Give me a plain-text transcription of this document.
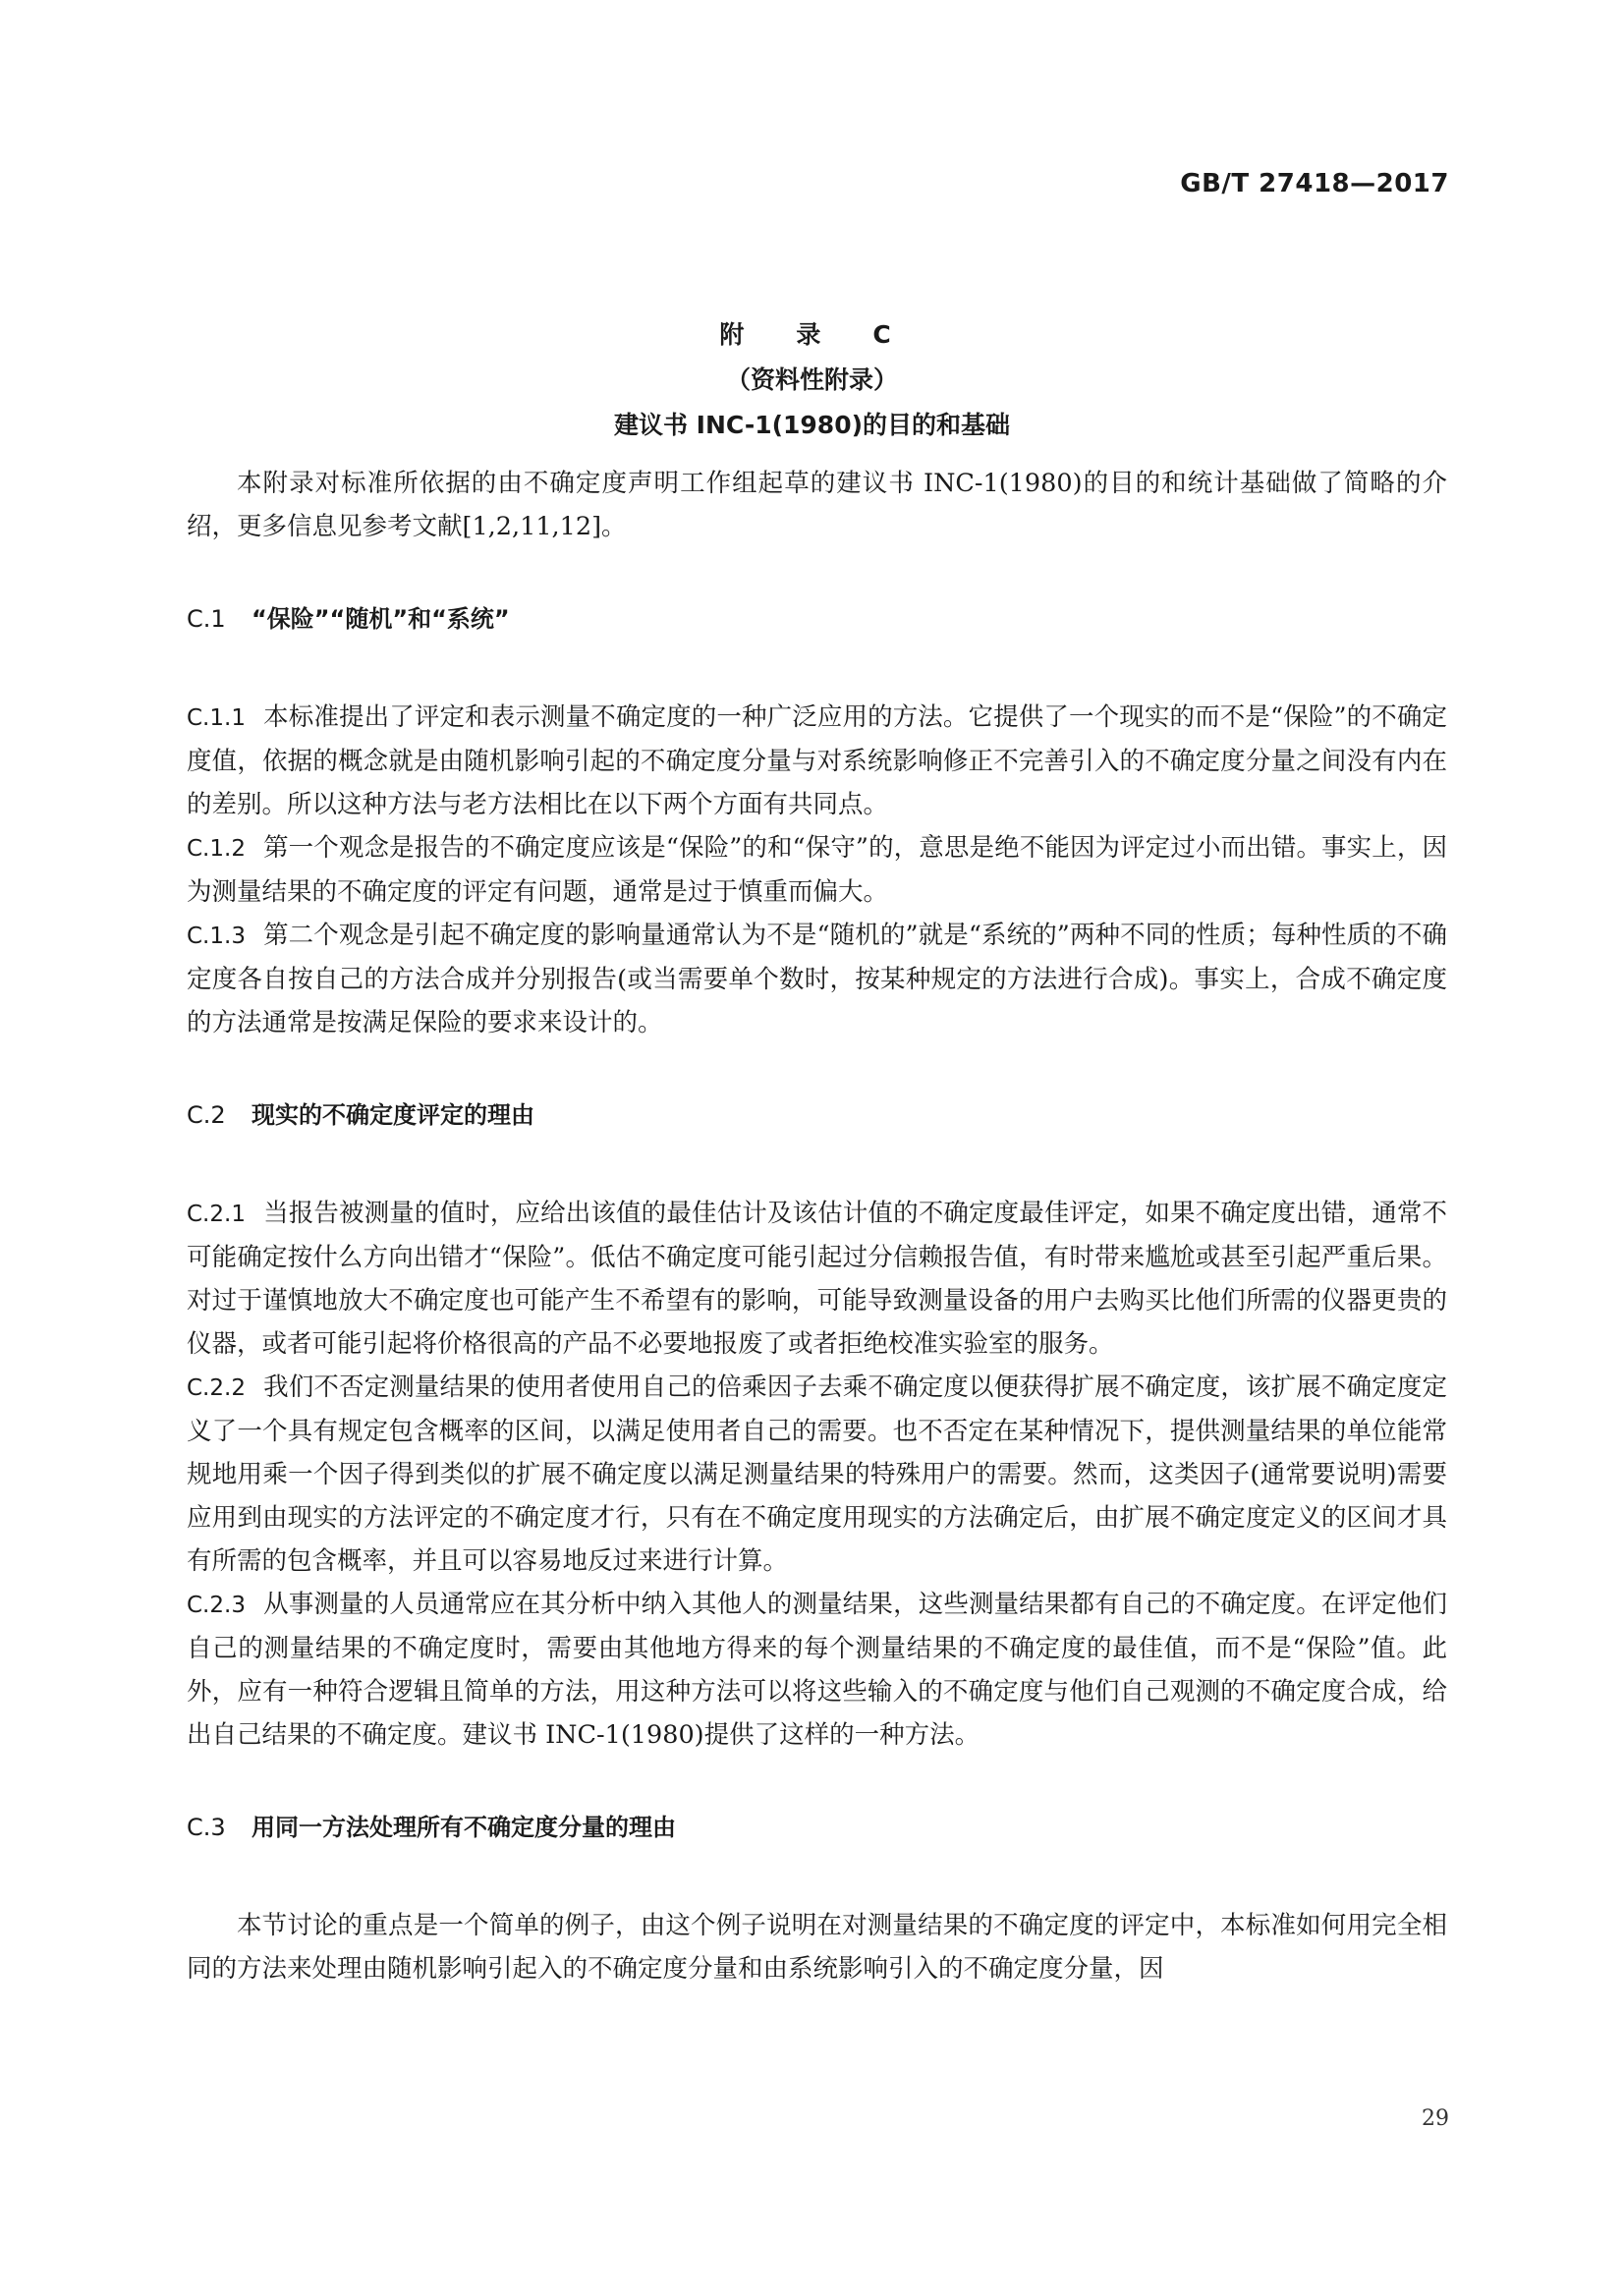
GB/T 27418—2017
附　录　C
（资料性附录）
建议书 INC-1(1980)的目的和基础

本附录对标准所依据的由不确定度声明工作组起草的建议书 INC-1(1980)的目的和统计基础做了简略的介绍，更多信息见参考文献[1,2,11,12]。

C.1 “保险”“随机”和“系统”

C.1.1 本标准提出了评定和表示测量不确定度的一种广泛应用的方法。它提供了一个现实的而不是“保险”的不确定度值，依据的概念就是由随机影响引起的不确定度分量与对系统影响修正不完善引入的不确定度分量之间没有内在的差别。所以这种方法与老方法相比在以下两个方面有共同点。

C.1.2 第一个观念是报告的不确定度应该是“保险”的和“保守”的，意思是绝不能因为评定过小而出错。事实上，因为测量结果的不确定度的评定有问题，通常是过于慎重而偏大。

C.1.3 第二个观念是引起不确定度的影响量通常认为不是“随机的”就是“系统的”两种不同的性质；每种性质的不确定度各自按自己的方法合成并分别报告(或当需要单个数时，按某种规定的方法进行合成)。事实上，合成不确定度的方法通常是按满足保险的要求来设计的。

C.2 现实的不确定度评定的理由

C.2.1 当报告被测量的值时，应给出该值的最佳估计及该估计值的不确定度最佳评定，如果不确定度出错，通常不可能确定按什么方向出错才“保险”。低估不确定度可能引起过分信赖报告值，有时带来尴尬或甚至引起严重后果。对过于谨慎地放大不确定度也可能产生不希望有的影响，可能导致测量设备的用户去购买比他们所需的仪器更贵的仪器，或者可能引起将价格很高的产品不必要地报废了或者拒绝校准实验室的服务。

C.2.2 我们不否定测量结果的使用者使用自己的倍乘因子去乘不确定度以便获得扩展不确定度，该扩展不确定度定义了一个具有规定包含概率的区间，以满足使用者自己的需要。也不否定在某种情况下，提供测量结果的单位能常规地用乘一个因子得到类似的扩展不确定度以满足测量结果的特殊用户的需要。然而，这类因子(通常要说明)需要应用到由现实的方法评定的不确定度才行，只有在不确定度用现实的方法确定后，由扩展不确定度定义的区间才具有所需的包含概率，并且可以容易地反过来进行计算。

C.2.3 从事测量的人员通常应在其分析中纳入其他人的测量结果，这些测量结果都有自己的不确定度。在评定他们自己的测量结果的不确定度时，需要由其他地方得来的每个测量结果的不确定度的最佳值，而不是“保险”值。此外，应有一种符合逻辑且简单的方法，用这种方法可以将这些输入的不确定度与他们自己观测的不确定度合成，给出自己结果的不确定度。建议书 INC-1(1980)提供了这样的一种方法。

C.3 用同一方法处理所有不确定度分量的理由

本节讨论的重点是一个简单的例子，由这个例子说明在对测量结果的不确定度的评定中，本标准如何用完全相同的方法来处理由随机影响引起入的不确定度分量和由系统影响引入的不确定度分量，因

29
